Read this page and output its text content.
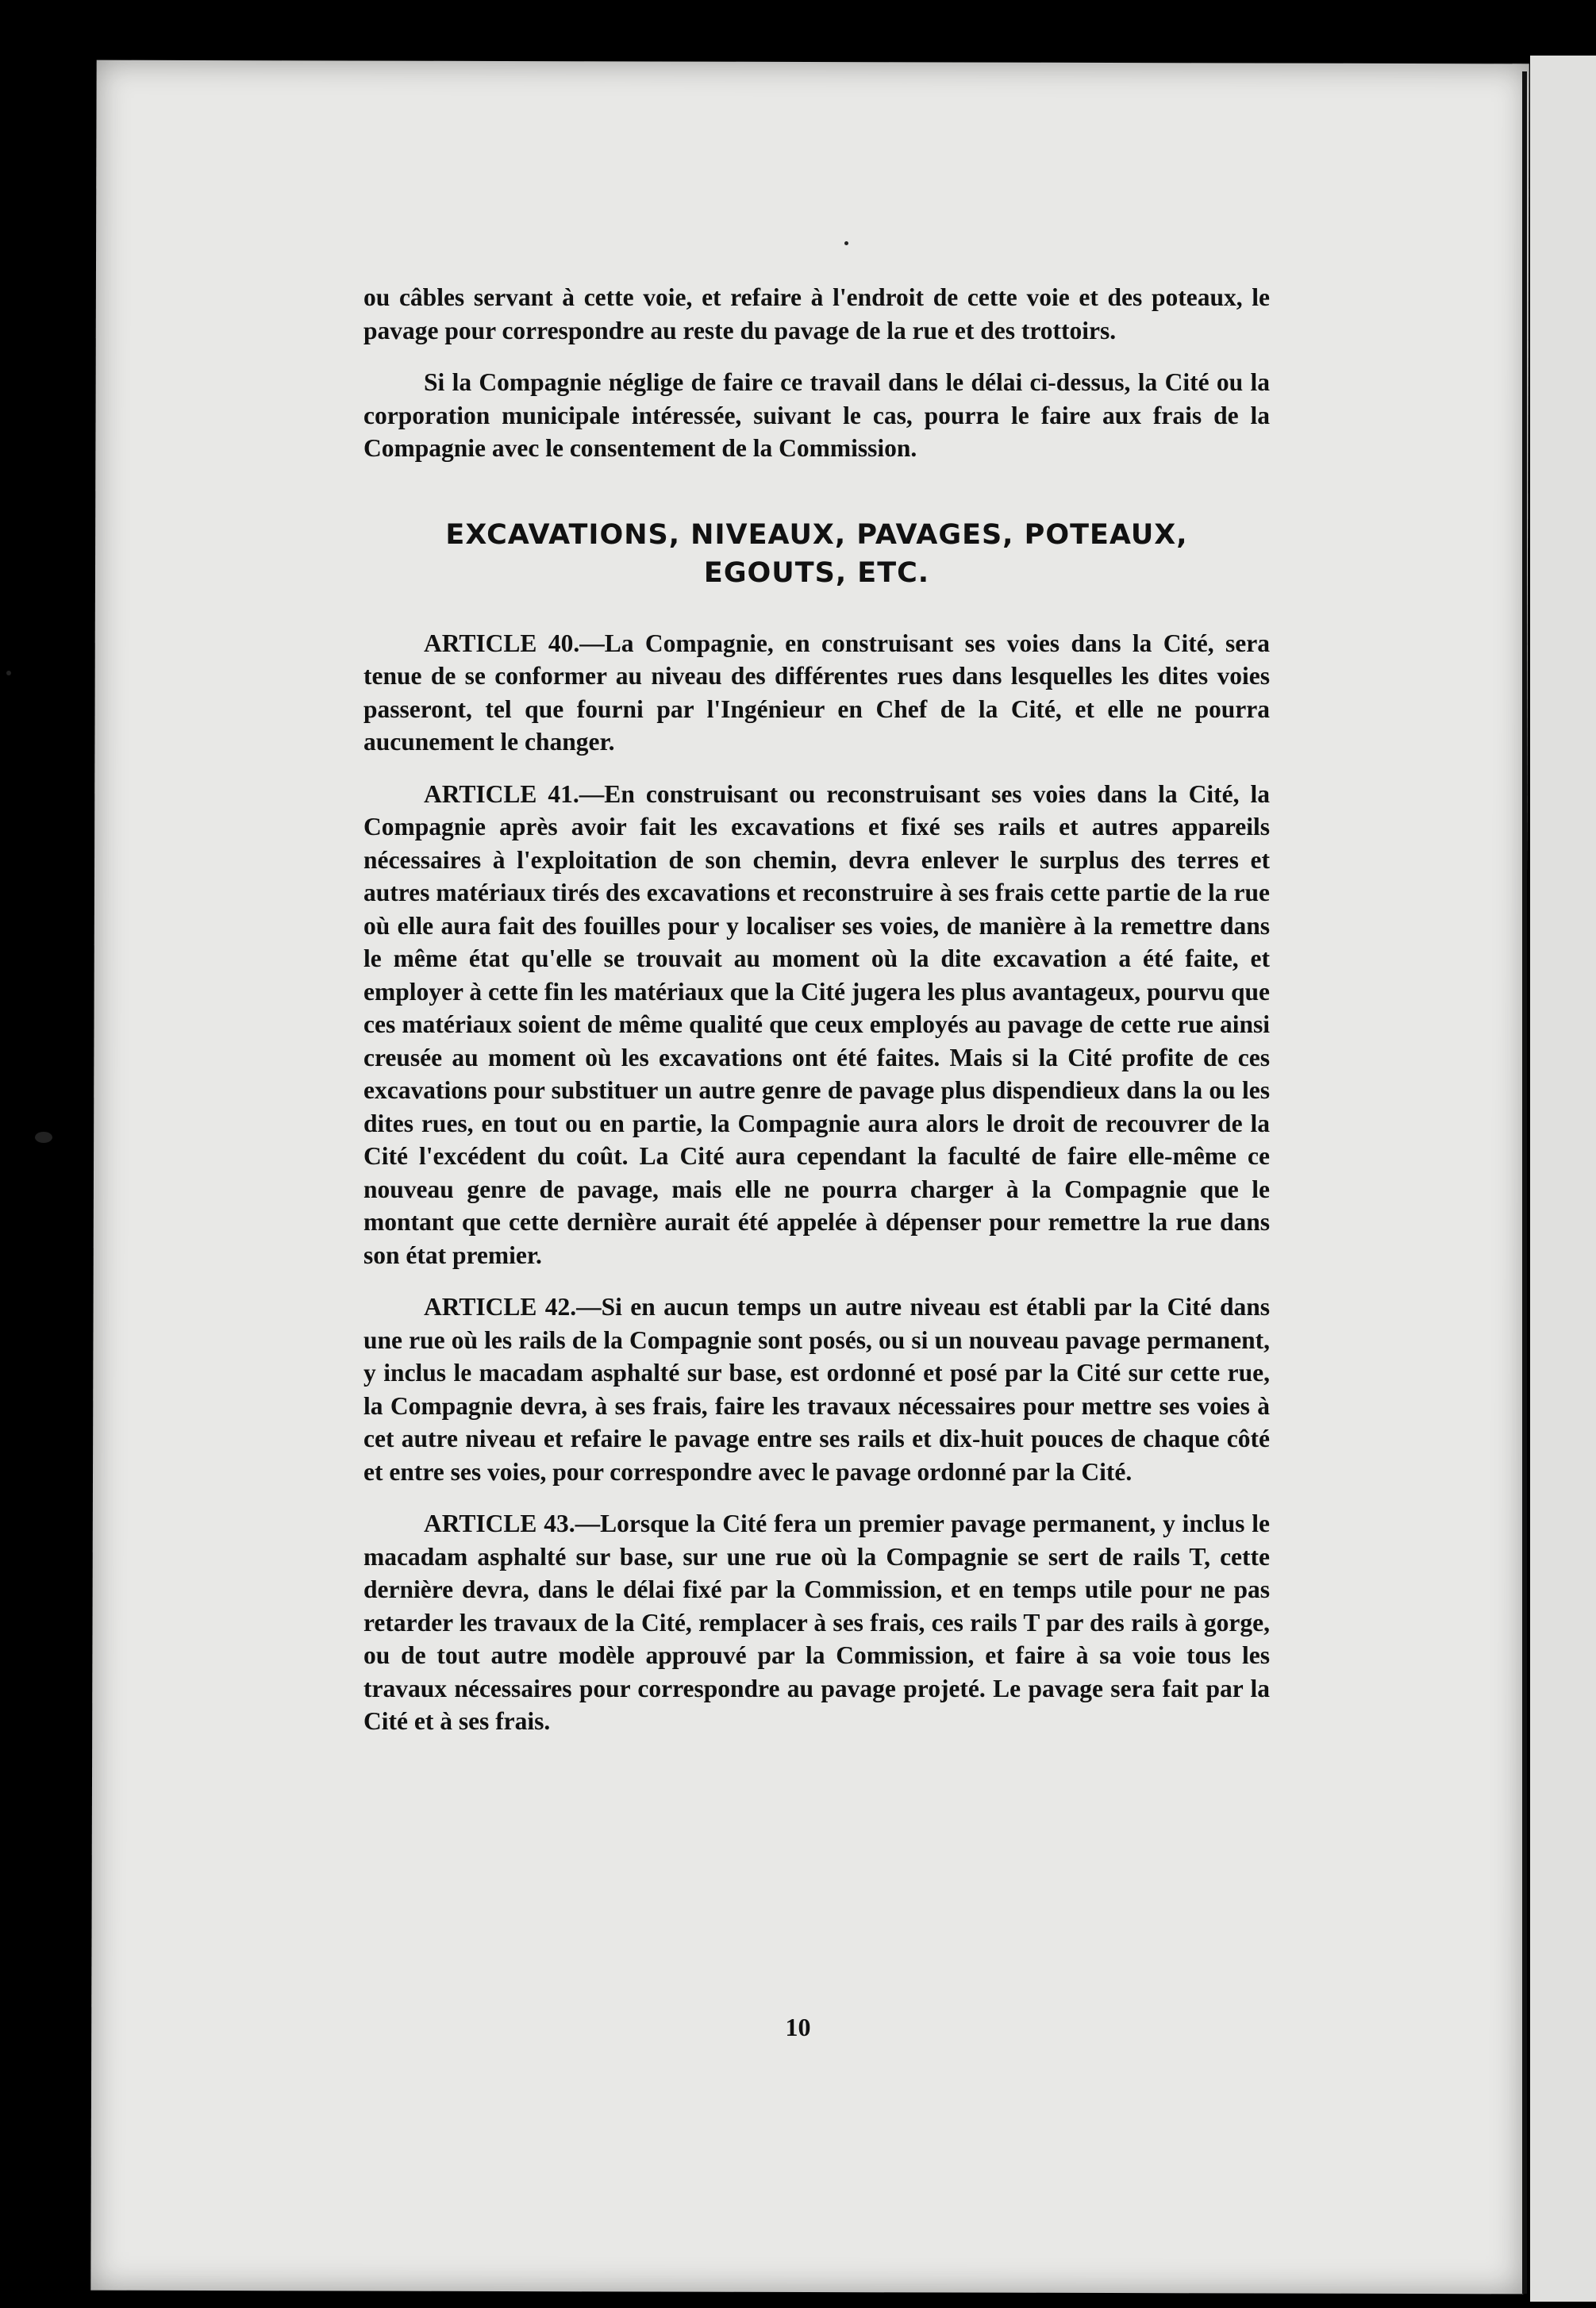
ou câbles servant à cette voie, et refaire à l'endroit de cette voie et des poteaux, le pavage pour correspondre au reste du pavage de la rue et des trottoirs.

Si la Compagnie néglige de faire ce travail dans le délai ci-dessus, la Cité ou la corporation municipale intéressée, suivant le cas, pourra le faire aux frais de la Compagnie avec le consentement de la Commission.

EXCAVATIONS, NIVEAUX, PAVAGES, POTEAUX,
EGOUTS, ETC.

ARTICLE 40.—La Compagnie, en construisant ses voies dans la Cité, sera tenue de se conformer au niveau des différentes rues dans lesquelles les dites voies passeront, tel que fourni par l'Ingénieur en Chef de la Cité, et elle ne pourra aucunement le changer.

ARTICLE 41.—En construisant ou reconstruisant ses voies dans la Cité, la Compagnie après avoir fait les excavations et fixé ses rails et autres appareils nécessaires à l'exploitation de son chemin, devra enlever le surplus des terres et autres matériaux tirés des excavations et reconstruire à ses frais cette partie de la rue où elle aura fait des fouilles pour y localiser ses voies, de manière à la remettre dans le même état qu'elle se trouvait au moment où la dite excavation a été faite, et employer à cette fin les matériaux que la Cité jugera les plus avantageux, pourvu que ces matériaux soient de même qualité que ceux employés au pavage de cette rue ainsi creusée au moment où les excavations ont été faites. Mais si la Cité profite de ces excavations pour substituer un autre genre de pavage plus dispendieux dans la ou les dites rues, en tout ou en partie, la Compagnie aura alors le droit de recouvrer de la Cité l'excédent du coût. La Cité aura cependant la faculté de faire elle-même ce nouveau genre de pavage, mais elle ne pourra charger à la Compagnie que le montant que cette dernière aurait été appelée à dépenser pour remettre la rue dans son état premier.

ARTICLE 42.—Si en aucun temps un autre niveau est établi par la Cité dans une rue où les rails de la Compagnie sont posés, ou si un nouveau pavage permanent, y inclus le macadam asphalté sur base, est ordonné et posé par la Cité sur cette rue, la Compagnie devra, à ses frais, faire les travaux nécessaires pour mettre ses voies à cet autre niveau et refaire le pavage entre ses rails et dix-huit pouces de chaque côté et entre ses voies, pour correspondre avec le pavage ordonné par la Cité.

ARTICLE 43.—Lorsque la Cité fera un premier pavage permanent, y inclus le macadam asphalté sur base, sur une rue où la Compagnie se sert de rails T, cette dernière devra, dans le délai fixé par la Commission, et en temps utile pour ne pas retarder les travaux de la Cité, remplacer à ses frais, ces rails T par des rails à gorge, ou de tout autre modèle approuvé par la Commission, et faire à sa voie tous les travaux nécessaires pour correspondre au pavage projeté. Le pavage sera fait par la Cité et à ses frais.

10
